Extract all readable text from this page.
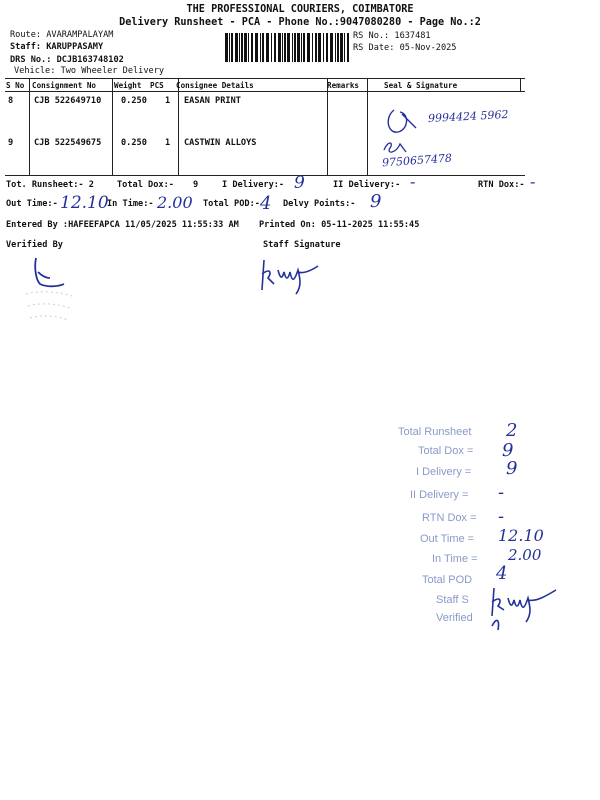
THE PROFESSIONAL COURIERS, COIMBATORE
Delivery Runsheet - PCA - Phone No.:9047080280 - Page No.:2
Route: AVARAMPALAYAM
Staff: KARUPPASAMY
DRS No.: DCJB163748102
Vehicle: Two Wheeler Delivery
RS No.: 1637481
RS Date: 05-Nov-2025
S No Consignment No Weight PCS Consignee Details	Remarks	Seal & Signature
8 CJB 522649710 0.250 1 EASAN PRINT
9994424 5962
9 CJB 522549675 0.250 1 CASTWIN ALLOYS
9750657478
Tot. Runsheet:- 2	Total Dox:- 9	I Delivery:- 9	II Delivery:- -	RTN Dox:- -
Out Time:- 12.10
In Time:- 2.00 Total POD:- 4 Delvy Points:- 9
Entered By :HAFEEFAPCA 11/05/2025 11:55:33 AM Printed On: 05-11-2025 11:55:45
Verified By	Staff Signature
Total Runsheet 2
Total Dox = 9
I Delivery = 9
II Delivery = -
RTN Dox = -
Out Time = 12.10
In Time = 2.00
Total POD 4
Staff S
Verified
